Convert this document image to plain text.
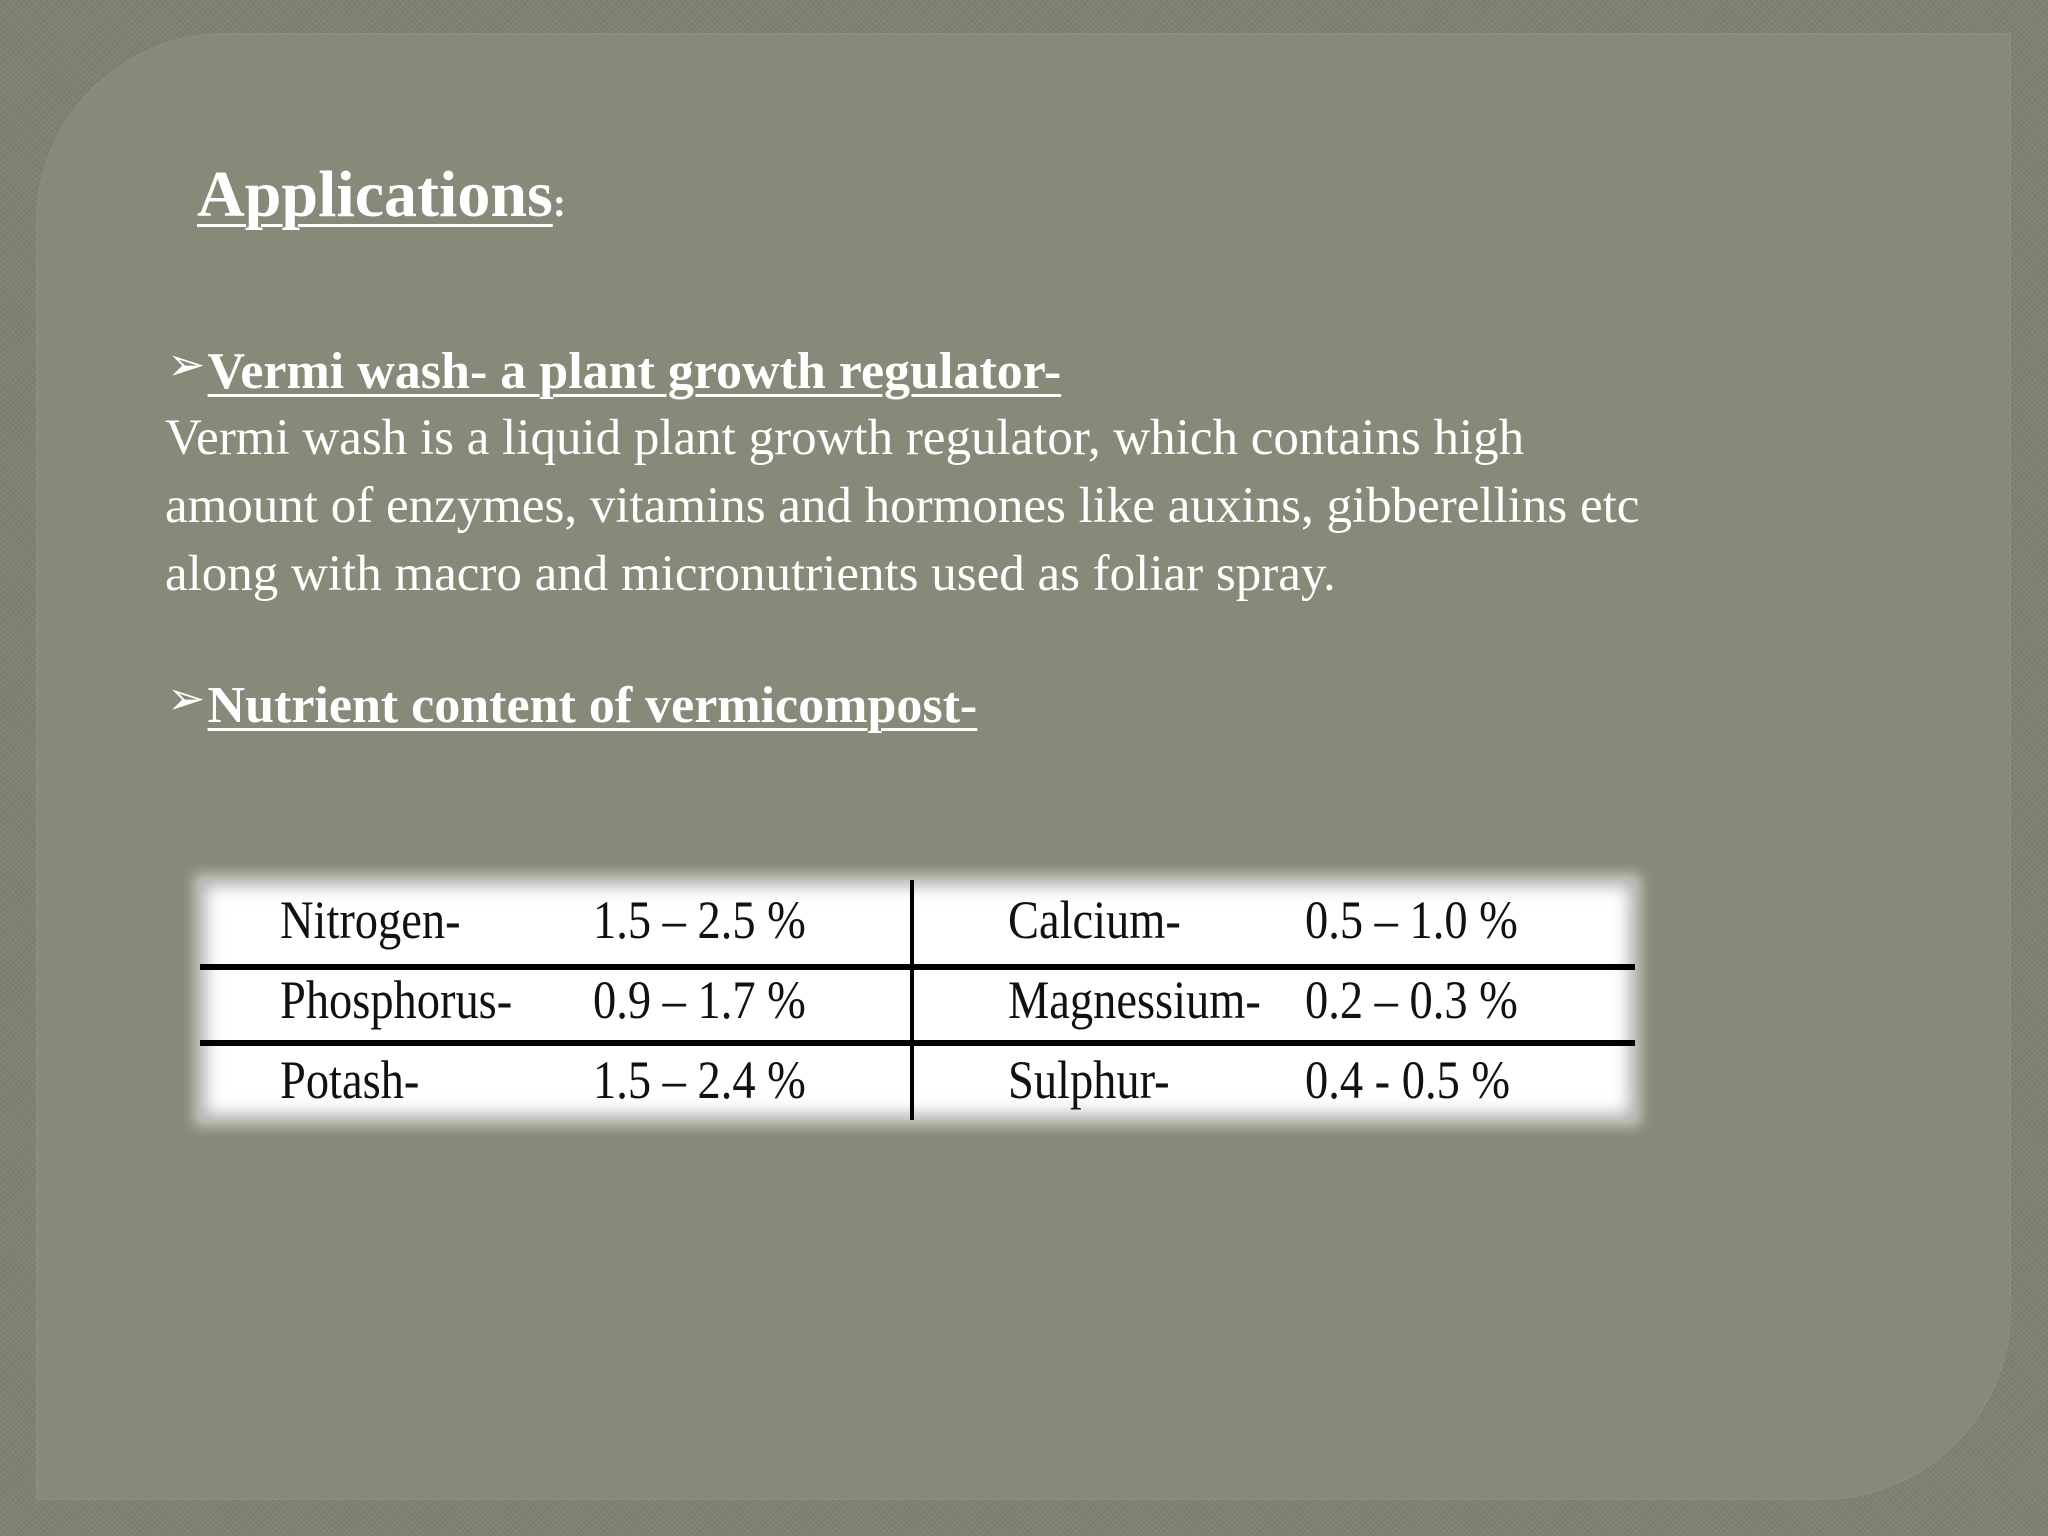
Applications:
➢Vermi wash- a plant growth regulator-

Vermi wash is a liquid plant growth regulator, which contains high
amount of enzymes, vitamins and hormones like auxins, gibberellins etc
along with macro and micronutrients used as foliar spray.

➢Nutrient content of vermicompost-
Nitrogen- 1.5 – 2.5 %	Calcium- 0.5 – 1.0 %
Phosphorus- 0.9 – 1.7 %	Magnessium- 0.2 – 0.3 %
Potash-	1.5 – 2.4 %	Sulphur-	0.4 - 0.5 %
